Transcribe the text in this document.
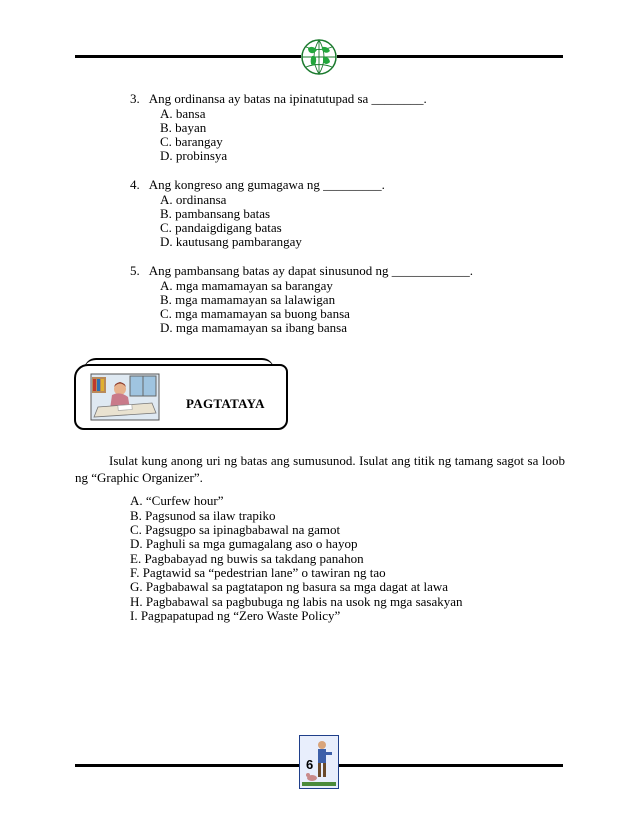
3. Ang ordinansa ay batas na ipinatutupad sa ________.
A. bansa
B. bayan
C. barangay
D. probinsya
4. Ang kongreso ang gumagawa ng _________.
A. ordinansa
B. pambansang batas
C. pandaigdigang batas
D. kautusang pambarangay
5. Ang pambansang batas ay dapat sinusunod ng ____________.
A. mga mamamayan sa barangay
B. mga mamamayan sa lalawigan
C. mga mamamayan sa buong bansa
D. mga mamamayan sa ibang bansa
PAGTATAYA
Isulat kung anong uri ng batas ang sumusunod. Isulat ang titik ng tamang sagot sa loob ng “Graphic Organizer”.
A. “Curfew hour”
B. Pagsunod sa ilaw trapiko
C. Pagsugpo sa ipinagbabawal na gamot
D. Paghuli sa mga gumagalang aso o hayop
E. Pagbabayad ng buwis sa takdang panahon
F. Pagtawid sa “pedestrian lane” o tawiran ng tao
G. Pagbabawal sa pagtatapon ng basura sa mga dagat at lawa
H. Pagbabawal sa pagbubuga ng labis na usok ng mga sasakyan
I. Pagpapatupad ng “Zero Waste Policy”
6
